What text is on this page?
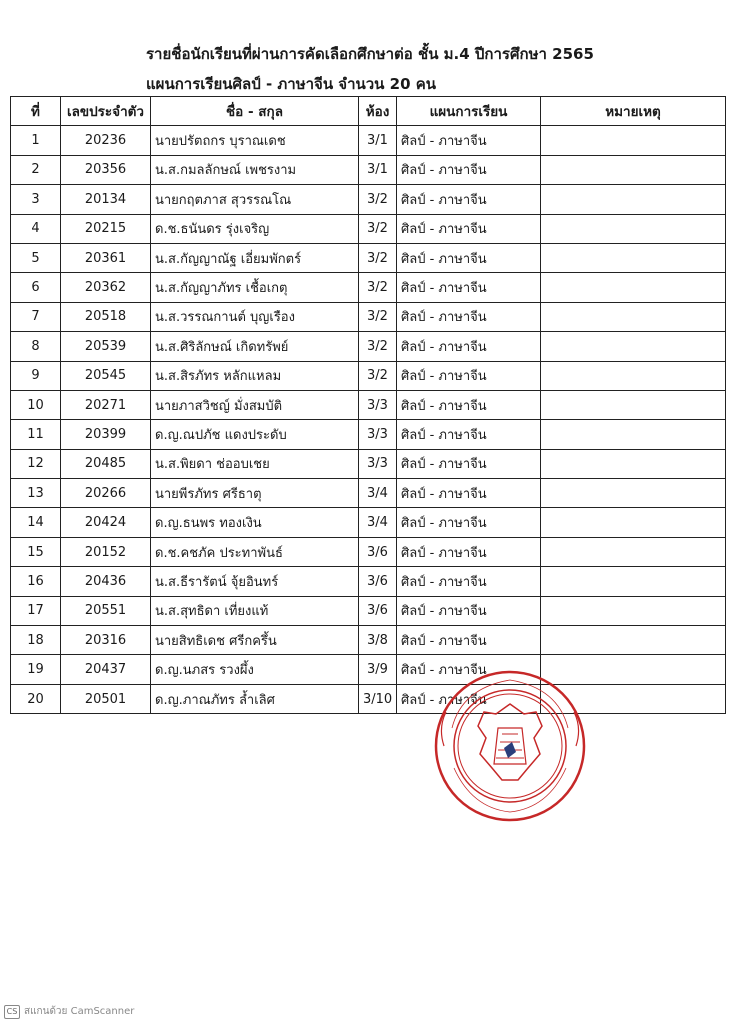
รายชื่อนักเรียนที่ผ่านการคัดเลือกศึกษาต่อ ชั้น ม.4 ปีการศึกษา 2565
แผนการเรียนศิลป์ - ภาษาจีน จำนวน 20 คน
ที่	เลขประจำตัว	ชื่อ - สกุล	ห้อง	แผนการเรียน	หมายเหตุ
1	20236	นายปรัตถกร บุราณเดช	3/1	ศิลป์ - ภาษาจีน	
2	20356	น.ส.กมลลักษณ์ เพชรงาม	3/1	ศิลป์ - ภาษาจีน	
3	20134	นายกฤตภาส สุวรรณโณ	3/2	ศิลป์ - ภาษาจีน	
4	20215	ด.ช.ธนันดร รุ่งเจริญ	3/2	ศิลป์ - ภาษาจีน	
5	20361	น.ส.กัญญาณัฐ เอี่ยมพักตร์	3/2	ศิลป์ - ภาษาจีน	
6	20362	น.ส.กัญญาภัทร เชื้อเกตุ	3/2	ศิลป์ - ภาษาจีน	
7	20518	น.ส.วรรณกานต์ บุญเรือง	3/2	ศิลป์ - ภาษาจีน	
8	20539	น.ส.ศิริลักษณ์ เกิดทรัพย์	3/2	ศิลป์ - ภาษาจีน	
9	20545	น.ส.สิรภัทร หลักแหลม	3/2	ศิลป์ - ภาษาจีน	
10	20271	นายภาสวิชญ์ มั่งสมบัติ	3/3	ศิลป์ - ภาษาจีน	
11	20399	ด.ญ.ณปภัช แดงประดับ	3/3	ศิลป์ - ภาษาจีน	
12	20485	น.ส.พิยดา ช่ออบเชย	3/3	ศิลป์ - ภาษาจีน	
13	20266	นายพีรภัทร ศรีธาตุ	3/4	ศิลป์ - ภาษาจีน	
14	20424	ด.ญ.ธนพร ทองเงิน	3/4	ศิลป์ - ภาษาจีน	
15	20152	ด.ช.คชภัค ประทาพันธ์	3/6	ศิลป์ - ภาษาจีน	
16	20436	น.ส.ธีรารัตน์ จุ้ยอินทร์	3/6	ศิลป์ - ภาษาจีน	
17	20551	น.ส.สุทธิดา เที่ยงแท้	3/6	ศิลป์ - ภาษาจีน	
18	20316	นายสิทธิเดช ศรีกครึ้น	3/8	ศิลป์ - ภาษาจีน	
19	20437	ด.ญ.นภสร รวงผึ้ง	3/9	ศิลป์ - ภาษาจีน	
20	20501	ด.ญ.ภาณภัทร ล้ำเลิศ	3/10	ศิลป์ - ภาษาจีน	
CS สแกนด้วย CamScanner
